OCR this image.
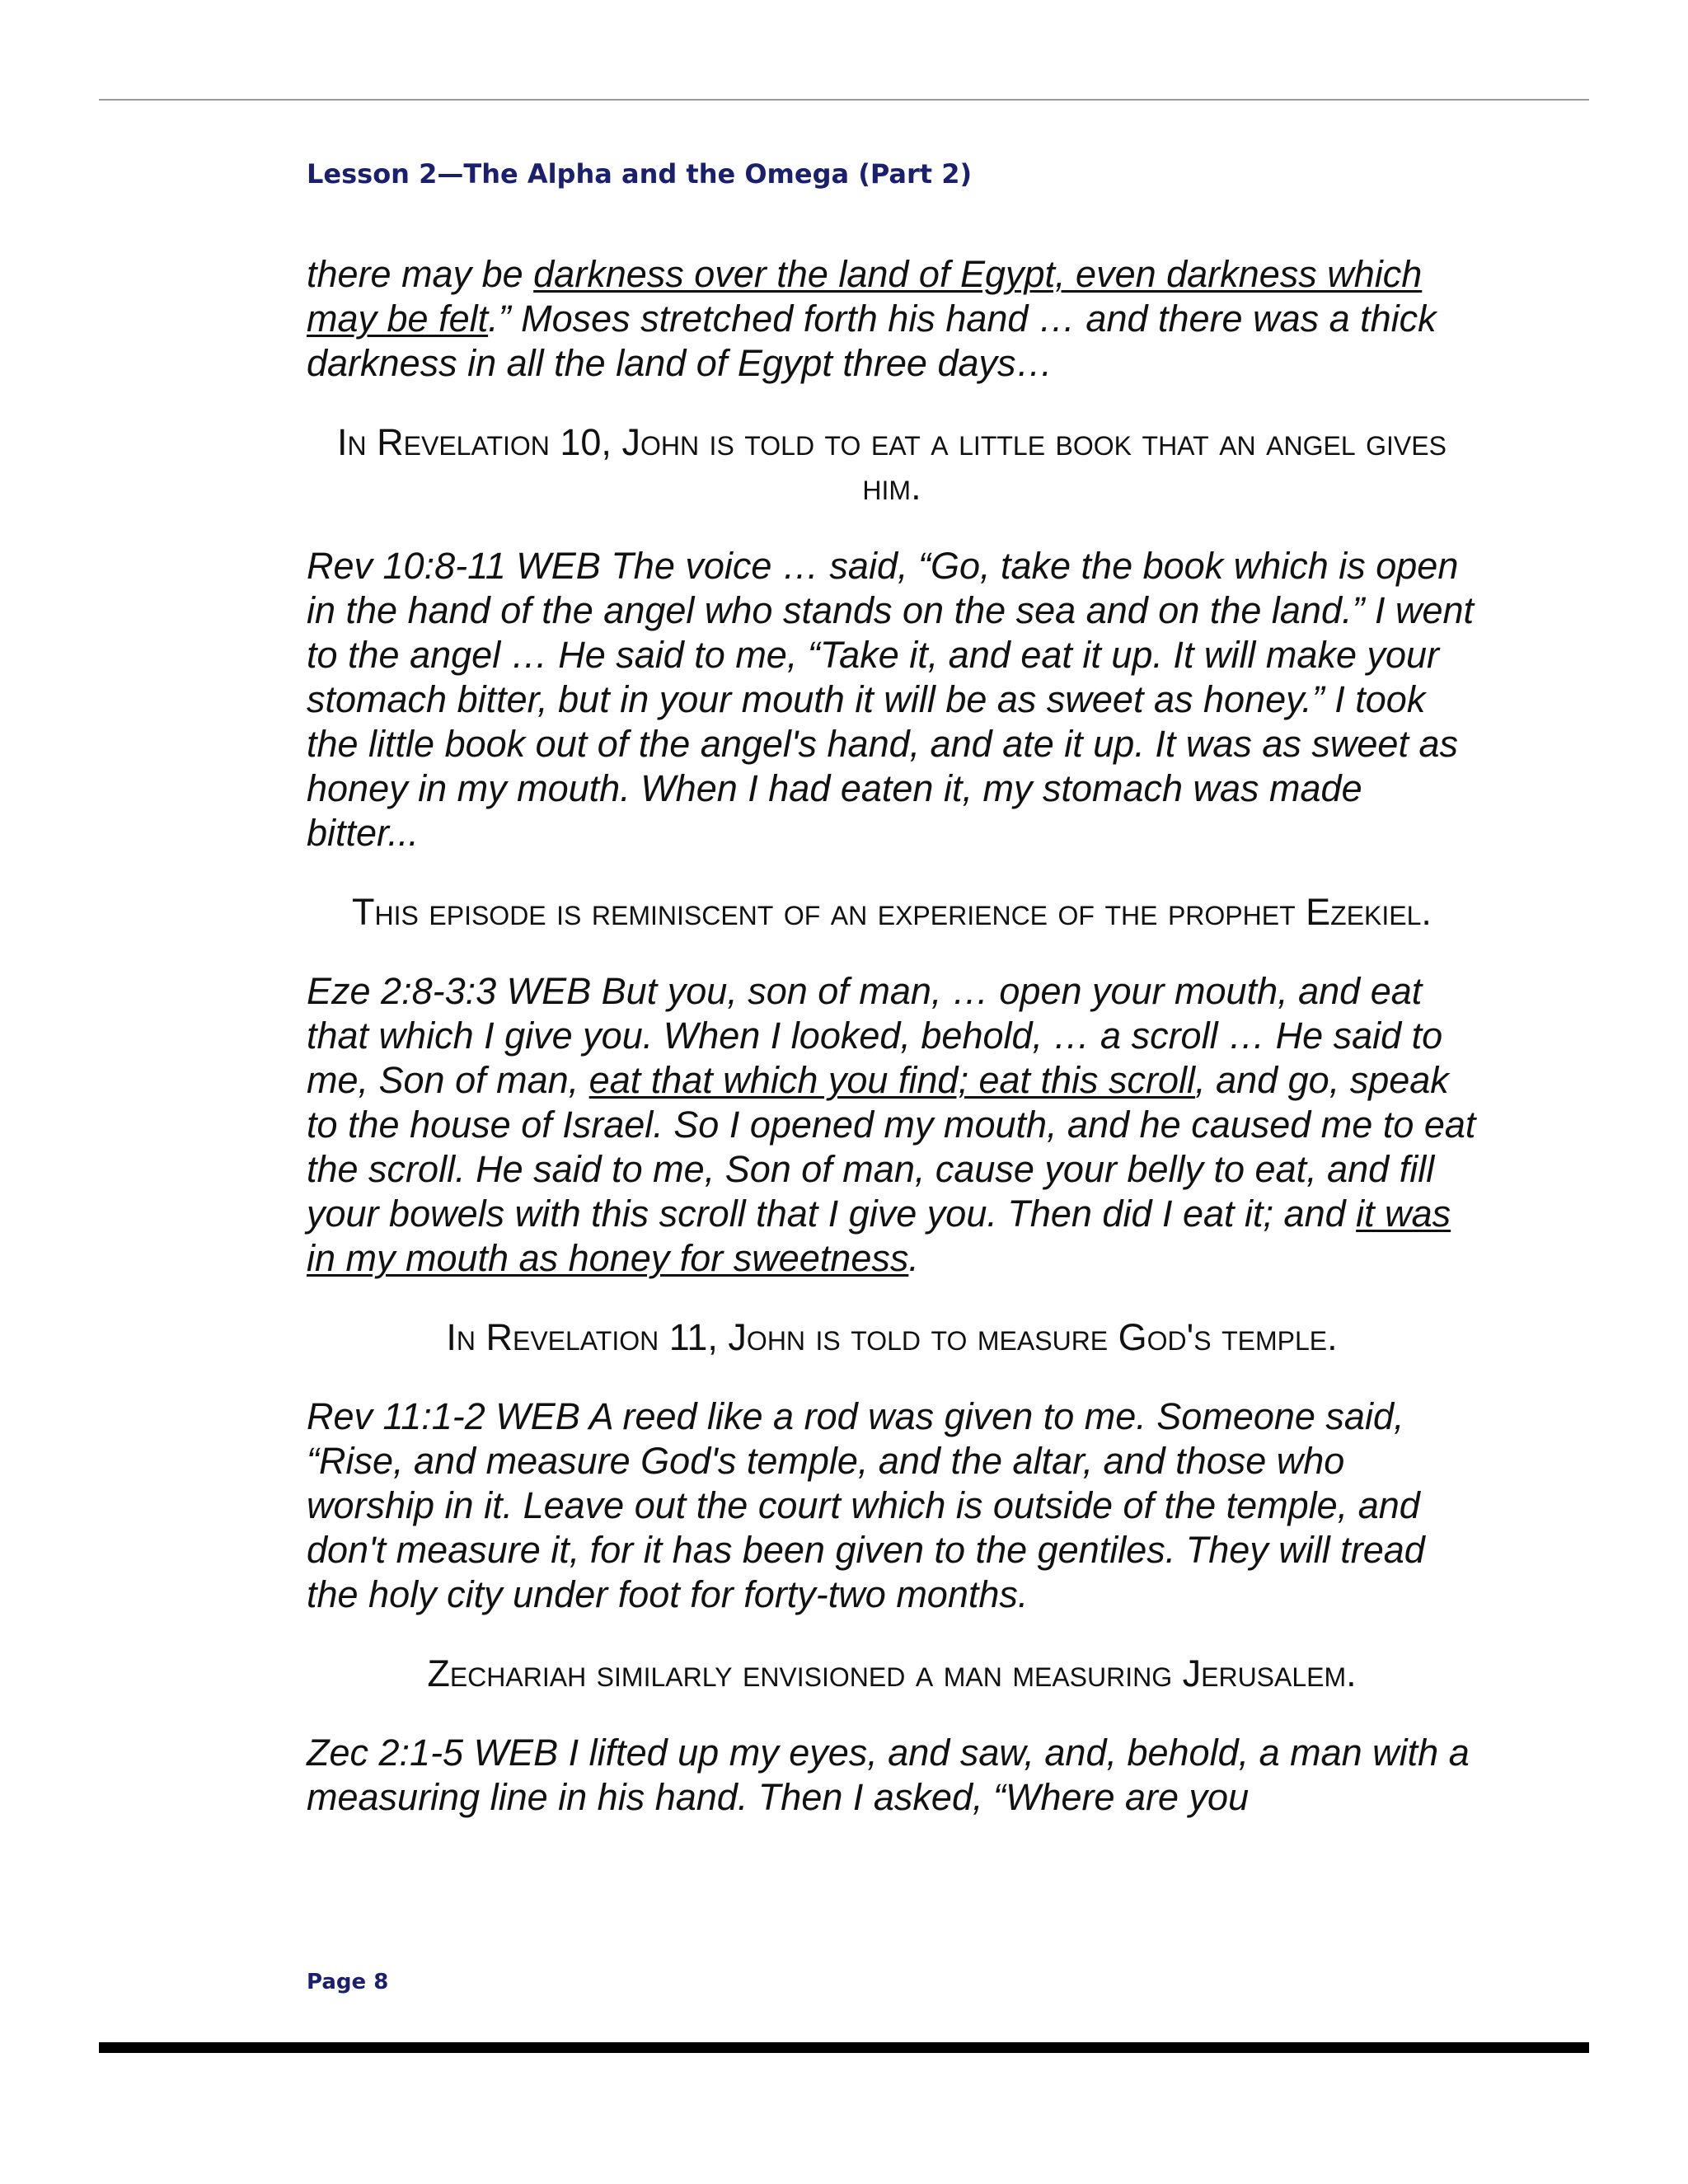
Lesson 2—The Alpha and the Omega (Part 2)

there may be darkness over the land of Egypt, even darkness which may be felt.” Moses stretched forth his hand … and there was a thick darkness in all the land of Egypt three days…

In Revelation 10, John is told to eat a little book that an angel gives him.

Rev 10:8-11 WEB The voice … said, “Go, take the book which is open in the hand of the angel who stands on the sea and on the land.” I went to the angel … He said to me, “Take it, and eat it up. It will make your stomach bitter, but in your mouth it will be as sweet as honey.” I took the little book out of the angel's hand, and ate it up. It was as sweet as honey in my mouth. When I had eaten it, my stomach was made bitter...

This episode is reminiscent of an experience of the prophet Ezekiel.

Eze 2:8-3:3 WEB But you, son of man, … open your mouth, and eat that which I give you. When I looked, behold, … a scroll … He said to me, Son of man, eat that which you find; eat this scroll, and go, speak to the house of Israel. So I opened my mouth, and he caused me to eat the scroll. He said to me, Son of man, cause your belly to eat, and fill your bowels with this scroll that I give you. Then did I eat it; and it was in my mouth as honey for sweetness.

In Revelation 11, John is told to measure God's temple.

Rev 11:1-2 WEB A reed like a rod was given to me. Someone said, “Rise, and measure God's temple, and the altar, and those who worship in it. Leave out the court which is outside of the temple, and don't measure it, for it has been given to the gentiles. They will tread the holy city under foot for forty-two months.

Zechariah similarly envisioned a man measuring Jerusalem.

Zec 2:1-5 WEB I lifted up my eyes, and saw, and, behold, a man with a measuring line in his hand. Then I asked, “Where are you

Page 8
